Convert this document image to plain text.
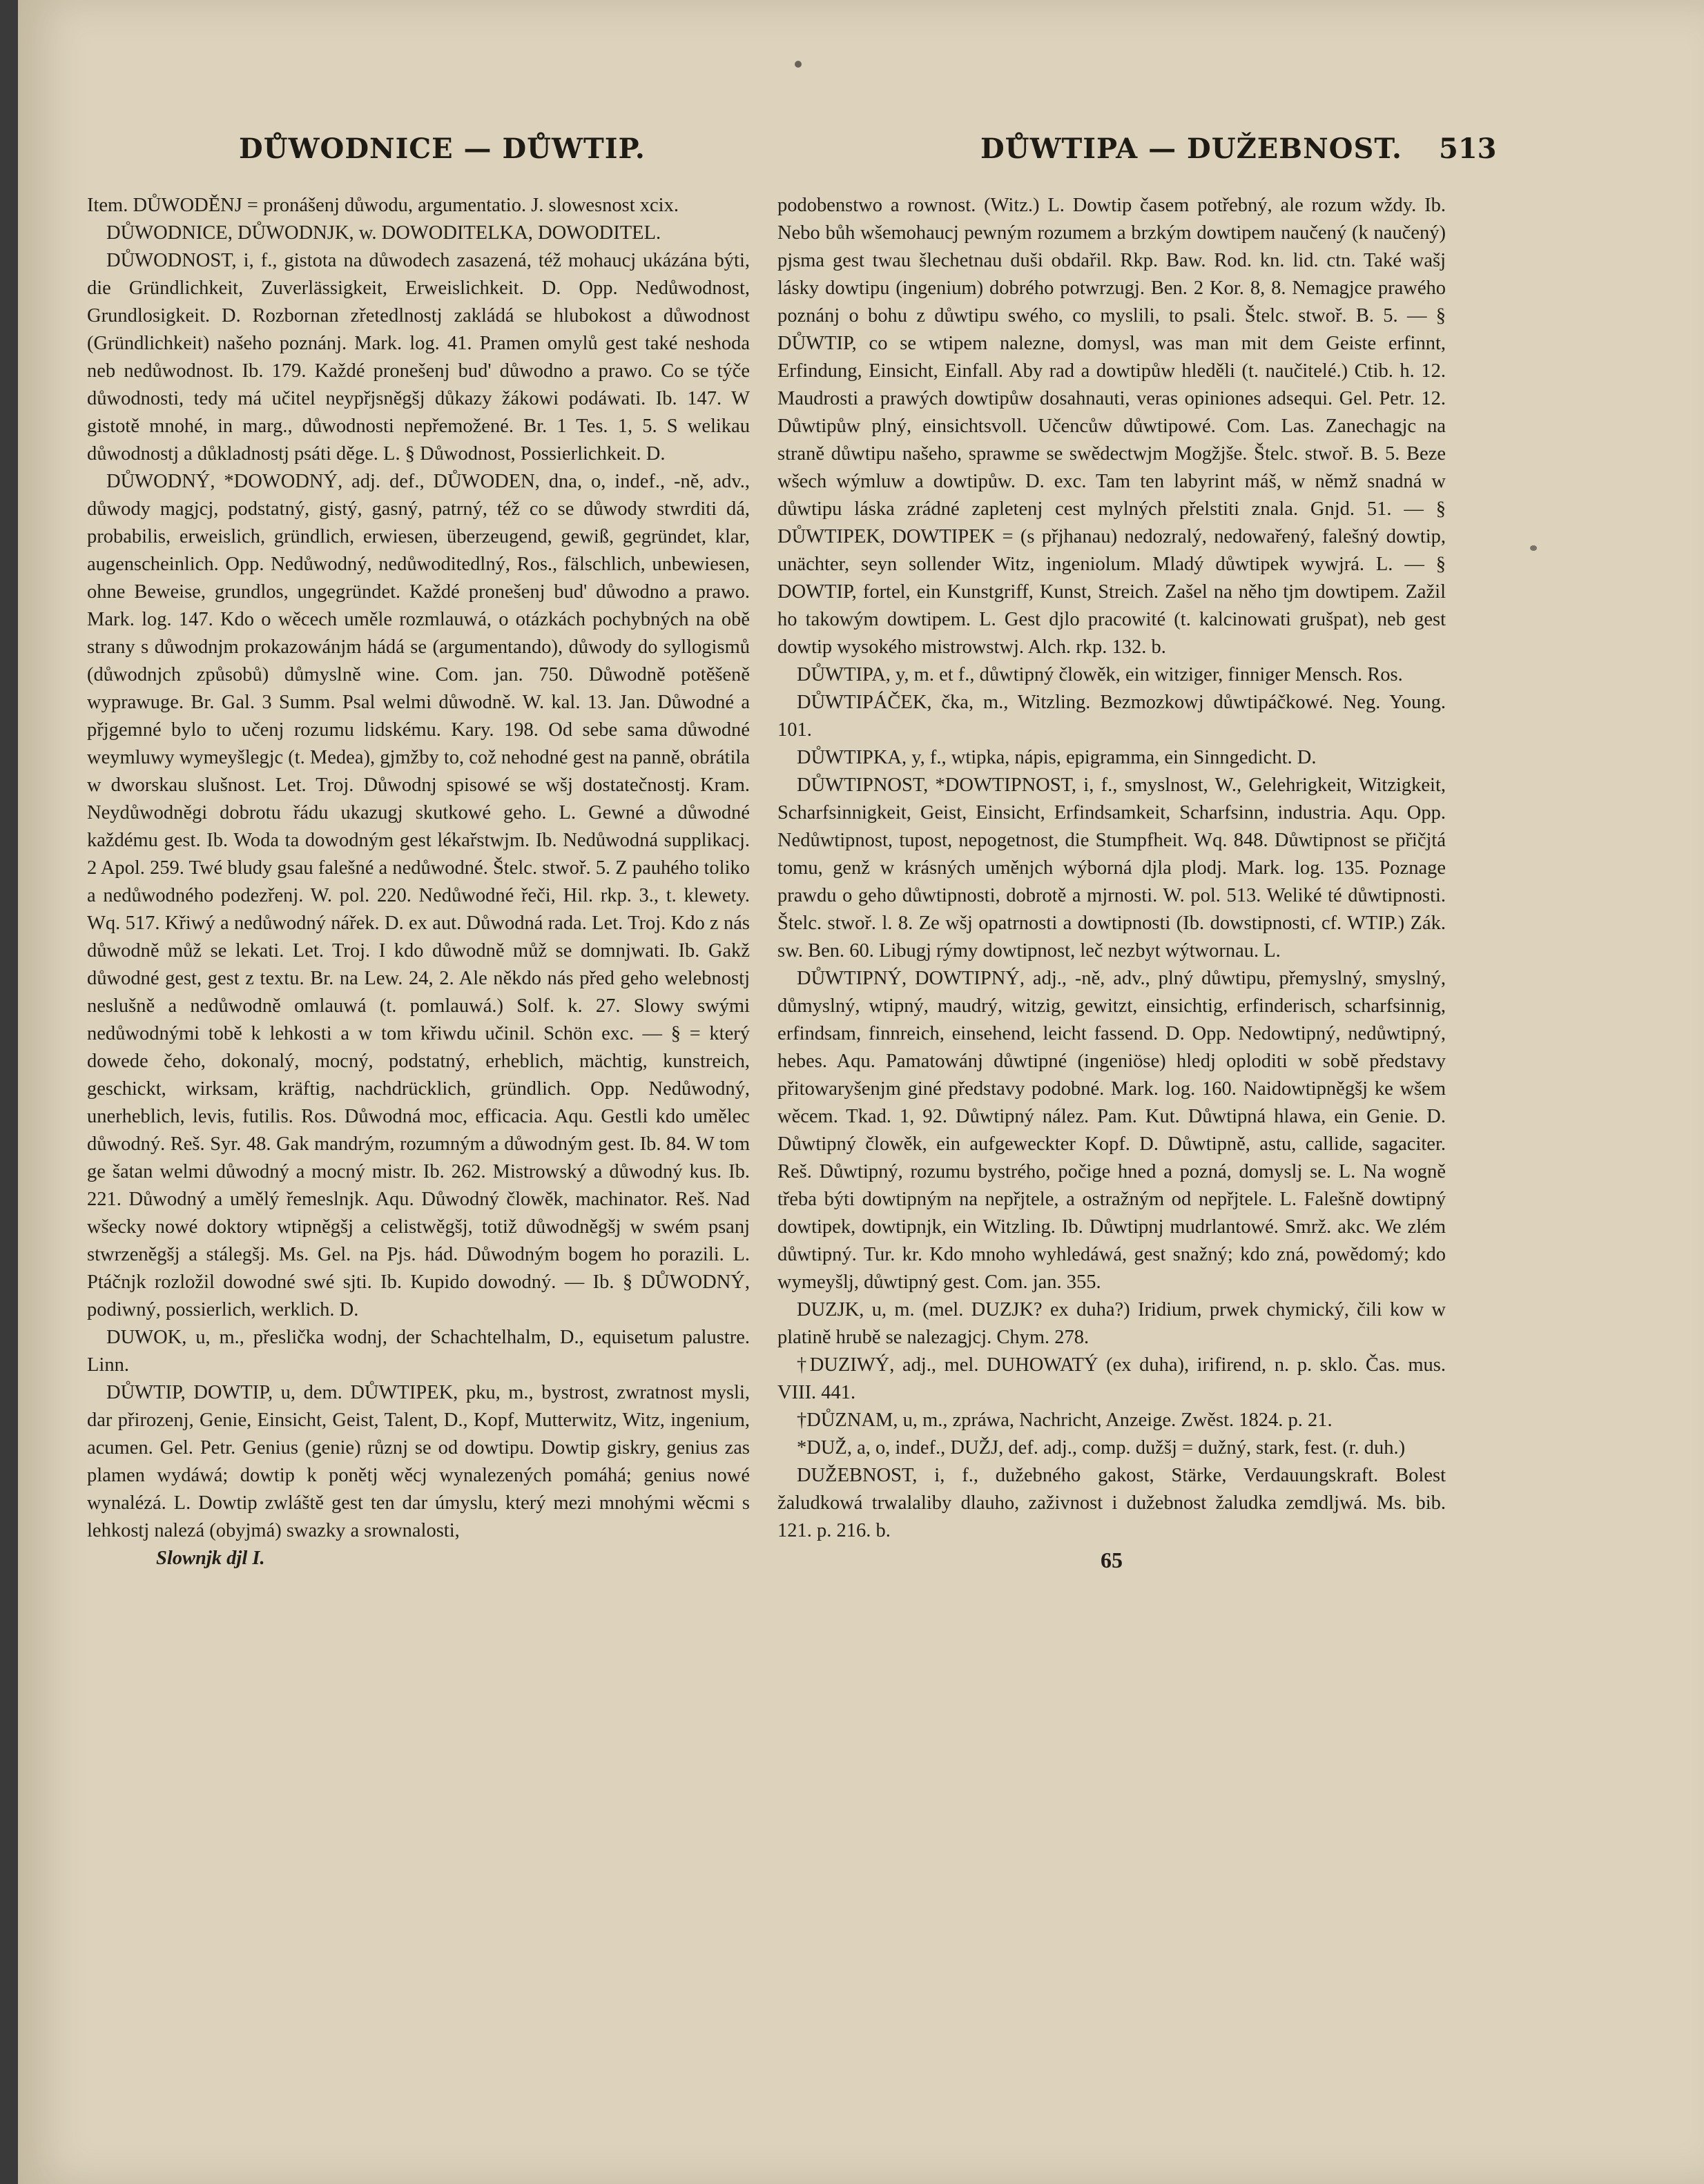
DŮWODNICE — DŮWTIP.	DŮWTIPA — DUŽEBNOST. 513

Item. DŮWODĚNJ = pronášenj důwodu, argumentatio. J. slowesnost xcix.

DŮWODNICE, DŮWODNJK, w. DOWODITELKA, DOWODITEL.

DŮWODNOST, i, f., gistota na důwodech zasazená, též mohaucj ukázána býti, die Gründlichkeit, Zuverlässigkeit, Erweislichkeit. D. Opp. Nedůwodnost, Grundlosigkeit. D. Rozbornan zřetedlnostj zakládá se hlubokost a důwodnost (Gründlichkeit) našeho poznánj. Mark. log. 41. Pramen omylů gest také neshoda neb nedůwodnost. Ib. 179. Každé pronešenj bud' důwodno a prawo. Co se týče důwodnosti, tedy má učitel neypřjsněgšj důkazy žákowi podáwati. Ib. 147. W gistotě mnohé, in marg., důwodnosti nepřemožené. Br. 1 Tes. 1, 5. S welikau důwodnostj a důkladnostj psáti děge. L. § Důwodnost, Possierlichkeit. D.

DŮWODNÝ, *DOWODNÝ, adj. def., DŮWODEN, dna, o, indef., -ně, adv., důwody magjcj, podstatný, gistý, gasný, patrný, též co se důwody stwrditi dá, probabilis, erweislich, gründlich, erwiesen, überzeugend, gewiß, gegründet, klar, augenscheinlich. Opp. Nedůwodný, nedůwoditedlný, Ros., fälschlich, unbewiesen, ohne Beweise, grundlos, ungegründet. Každé pronešenj bud' důwodno a prawo. Mark. log. 147. Kdo o wěcech uměle rozmlauwá, o otázkách pochybných na obě strany s důwodnjm prokazowánjm hádá se (argumentando), důwody do syllogismů (důwodnjch způsobů) důmyslně wine. Com. jan. 750. Důwodně potěšeně wyprawuge. Br. Gal. 3 Summ. Psal welmi důwodně. W. kal. 13. Jan. Důwodné a přjgemné bylo to učenj rozumu lidskému. Kary. 198. Od sebe sama důwodné weymluwy wymeyšlegjc (t. Medea), gjmžby to, což nehodné gest na panně, obrátila w dworskau slušnost. Let. Troj. Důwodnj spisowé se wšj dostatečnostj. Kram. Neydůwodněgi dobrotu řádu ukazugj skutkowé geho. L. Gewné a důwodné každému gest. Ib. Woda ta dowodným gest lékařstwjm. Ib. Nedůwodná supplikacj. 2 Apol. 259. Twé bludy gsau falešné a nedůwodné. Štelc. stwoř. 5. Z pauhého toliko a nedůwodného podezřenj. W. pol. 220. Nedůwodné řeči, Hil. rkp. 3., t. klewety. Wq. 517. Křiwý a nedůwodný nářek. D. ex aut. Důwodná rada. Let. Troj. Kdo z nás důwodně můž se lekati. Let. Troj. I kdo důwodně můž se domnjwati. Ib. Gakž důwodné gest, gest z textu. Br. na Lew. 24, 2. Ale někdo nás před geho welebnostj neslušně a nedůwodně omlauwá (t. pomlauwá.) Solf. k. 27. Slowy swými nedůwodnými tobě k lehkosti a w tom křiwdu učinil. Schön exc. — § = který dowede čeho, dokonalý, mocný, podstatný, erheblich, mächtig, kunstreich, geschickt, wirksam, kräftig, nachdrücklich, gründlich. Opp. Nedůwodný, unerheblich, levis, futilis. Ros. Důwodná moc, efficacia. Aqu. Gestli kdo umělec důwodný. Reš. Syr. 48. Gak mandrým, rozumným a důwodným gest. Ib. 84. W tom ge šatan welmi důwodný a mocný mistr. Ib. 262. Mistrowský a důwodný kus. Ib. 221. Důwodný a umělý řemeslnjk. Aqu. Důwodný člowěk, machinator. Reš. Nad wšecky nowé doktory wtipněgšj a celistwěgšj, totiž důwodněgšj w swém psanj stwrzeněgšj a stálegšj. Ms. Gel. na Pjs. hád. Důwodným bogem ho porazili. L. Ptáčnjk rozložil dowodné swé sjti. Ib. Kupido dowodný. — Ib. § DŮWODNÝ, podiwný, possierlich, werklich. D.

DUWOK, u, m., přeslička wodnj, der Schachtelhalm, D., equisetum palustre. Linn.

DŮWTIP, DOWTIP, u, dem. DŮWTIPEK, pku, m., bystrost, zwratnost mysli, dar přirozenj, Genie, Einsicht, Geist, Talent, D., Kopf, Mutterwitz, Witz, ingenium, acumen. Gel. Petr. Genius (genie) různj se od dowtipu. Dowtip giskry, genius zas plamen wydáwá; dowtip k ponětj wěcj wynalezených pomáhá; genius nowé wynalézá. L. Dowtip zwláště gest ten dar úmyslu, který mezi mnohými wěcmi s lehkostj nalezá (obyjmá) swazky a srownalosti,

Slownjk djl I.

podobenstwo a rownost. (Witz.) L. Dowtip časem potřebný, ale rozum wždy. Ib. Nebo bůh wšemohaucj pewným rozumem a brzkým dowtipem naučený (k naučený) pjsma gest twau šlechetnau duši obdařil. Rkp. Baw. Rod. kn. lid. ctn. Také wašj lásky dowtipu (ingenium) dobrého potwrzugj. Ben. 2 Kor. 8, 8. Nemagjce prawého poznánj o bohu z důwtipu swého, co myslili, to psali. Štelc. stwoř. B. 5. — § DŮWTIP, co se wtipem nalezne, domysl, was man mit dem Geiste erfinnt, Erfindung, Einsicht, Einfall. Aby rad a dowtipůw hleděli (t. naučitelé.) Ctib. h. 12. Maudrosti a prawých dowtipůw dosahnauti, veras opiniones adsequi. Gel. Petr. 12. Důwtipůw plný, einsichtsvoll. Učencůw důwtipowé. Com. Las. Zanechagjc na straně důwtipu našeho, sprawme se swědectwjm Mogžjše. Štelc. stwoř. B. 5. Beze wšech wýmluw a dowtipůw. D. exc. Tam ten labyrint máš, w němž snadná w důwtipu láska zrádné zapletenj cest mylných přelstiti znala. Gnjd. 51. — § DŮWTIPEK, DOWTIPEK = (s přjhanau) nedozralý, nedowařený, falešný dowtip, unächter, seyn sollender Witz, ingeniolum. Mladý důwtipek wywjrá. L. — § DOWTIP, fortel, ein Kunstgriff, Kunst, Streich. Zašel na něho tjm dowtipem. Zažil ho takowým dowtipem. L. Gest djlo pracowité (t. kalcinowati grušpat), neb gest dowtip wysokého mistrowstwj. Alch. rkp. 132. b.

DŮWTIPA, y, m. et f., důwtipný člowěk, ein witziger, finniger Mensch. Ros.

DŮWTIPÁČEK, čka, m., Witzling. Bezmozkowj důwtipáčkowé. Neg. Young. 101.

DŮWTIPKA, y, f., wtipka, nápis, epigramma, ein Sinngedicht. D.

DŮWTIPNOST, *DOWTIPNOST, i, f., smyslnost, W., Gelehrigkeit, Witzigkeit, Scharfsinnigkeit, Geist, Einsicht, Erfindsamkeit, Scharfsinn, industria. Aqu. Opp. Nedůwtipnost, tupost, nepogetnost, die Stumpfheit. Wq. 848. Důwtipnost se přičjtá tomu, genž w krásných uměnjch wýborná djla plodj. Mark. log. 135. Poznage prawdu o geho důwtipnosti, dobrotě a mjrnosti. W. pol. 513. Weliké té důwtipnosti. Štelc. stwoř. l. 8. Ze wšj opatrnosti a dowtipnosti (Ib. dowstipnosti, cf. WTIP.) Zák. sw. Ben. 60. Libugj rýmy dowtipnost, leč nezbyt wýtwornau. L.

DŮWTIPNÝ, DOWTIPNÝ, adj., -ně, adv., plný důwtipu, přemyslný, smyslný, důmyslný, wtipný, maudrý, witzig, gewitzt, einsichtig, erfinderisch, scharfsinnig, erfindsam, finnreich, einsehend, leicht fassend. D. Opp. Nedowtipný, nedůwtipný, hebes. Aqu. Pamatowánj důwtipné (ingeniöse) hledj oploditi w sobě představy přitowaryšenjm giné představy podobné. Mark. log. 160. Naidowtipněgšj ke wšem wěcem. Tkad. 1, 92. Důwtipný nález. Pam. Kut. Důwtipná hlawa, ein Genie. D. Důwtipný člowěk, ein aufgeweckter Kopf. D. Důwtipně, astu, callide, sagaciter. Reš. Důwtipný, rozumu bystrého, počige hned a pozná, domyslj se. L. Na wogně třeba býti dowtipným na nepřjtele, a ostražným od nepřjtele. L. Falešně dowtipný dowtipek, dowtipnjk, ein Witzling. Ib. Důwtipnj mudrlantowé. Smrž. akc. We zlém důwtipný. Tur. kr. Kdo mnoho wyhledáwá, gest snažný; kdo zná, powědomý; kdo wymeyšlj, důwtipný gest. Com. jan. 355.

DUZJK, u, m. (mel. DUZJK? ex duha?) Iridium, prwek chymický, čili kow w platině hrubě se nalezagjcj. Chym. 278.

†DUZIWÝ, adj., mel. DUHOWATÝ (ex duha), irifirend, n. p. sklo. Čas. mus. VIII. 441.

†DŮZNAM, u, m., zpráwa, Nachricht, Anzeige. Zwěst. 1824. p. 21.

*DUŽ, a, o, indef., DUŽJ, def. adj., comp. dužšj = dužný, stark, fest. (r. duh.)

DUŽEBNOST, i, f., dužebného gakost, Stärke, Verdauungskraft. Bolest žaludkowá trwalaliby dlauho, zaživnost i dužebnost žaludka zemdljwá. Ms. bib. 121. p. 216. b.

65
